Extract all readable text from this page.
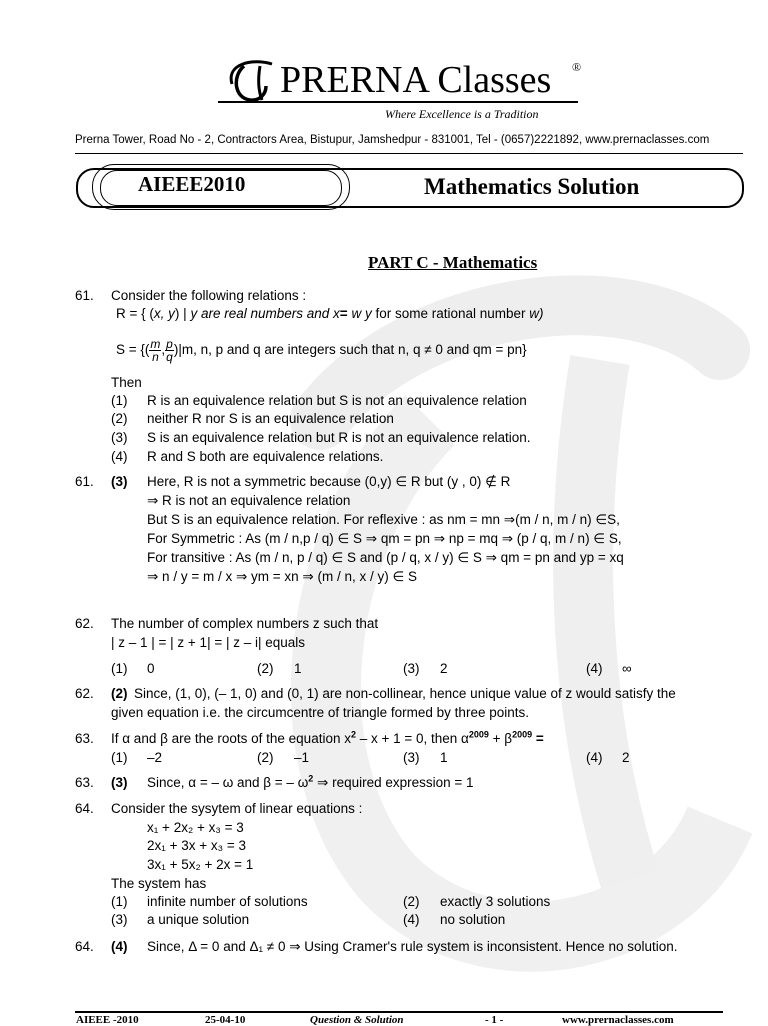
PRERNA Classes ®
Where Excellence is a Tradition
Prerna Tower, Road No - 2, Contractors Area, Bistupur, Jamshedpur - 831001, Tel - (0657)2221892, www.prernaclasses.com
AIEEE2010	Mathematics Solution
PART C - Mathematics
61. Consider the following relations :
R = { (x, y) | y are real numbers and x= w y for some rational number w)
S = {( $\frac{m}{n}$ , $\frac{p}{q} )|m$, n, p and q are integers such that n, q ≠ 0 and qm = pn}
Then
(1) R is an equivalence relation but S is not an equivalence relation
(2) neither R nor S is an equivalence relation
(3) S is an equivalence relation but R is not an equivalence relation.
(4) R and S both are equivalence relations.
61. (3) Here, R is not a symmetric because (0,y) ∈ R but (y , 0) ∉ R
⇒ R is not an equivalence relation
But S is an equivalence relation. For reflexive : as nm = mn ⇒(m / n, m / n) ∈S,
For Symmetric : As (m / n,p / q) ∈ S ⇒ qm = pn ⇒ np = mq ⇒ (p / q, m / n) ∈ S,
For transitive : As (m / n, p / q) ∈ S and (p / q, x / y) ∈ S ⇒ qm = pn and yp = xq
⇒ n / y = m / x ⇒ ym = xn ⇒ (m / n, x / y) ∈ S
62. The number of complex numbers z such that
| z – 1 | = | z + 1| = | z – i| equals
(1) 0	(2) 1	(3) 2	(4) ∞
62. (2) Since, (1, 0), (– 1, 0) and (0, 1) are non-collinear, hence unique value of z would satisfy the
given equation i.e. the circumcentre of triangle formed by three points.
63. If α and β are the roots of the equation $x^2 - x + 1 = 0$, then $\alpha^{2009} + \beta^{2009}$ =
(1) –2	(2) –1	(3) 1	(4) 2
63. (3) Since, α = – ω and β = – $\omega^2$ ⇒ required expression = 1
64. Consider the sysytem of linear equations :
x₁ + 2x₂ + x₃ = 3
2x₁ + 3x + x₃ = 3
3x₁ + 5x₂ + 2x = 1
The system has
(1) infinite number of solutions	(2) exactly 3 solutions
(3) a unique solution	(4) no solution
64. (4) Since, Δ = 0 and Δ₁ ≠ 0 ⇒ Using Cramer's rule system is inconsistent. Hence no solution.
AIEEE -2010	25-04-10	Question & Solution	- 1 -	www.prernaclasses.com
